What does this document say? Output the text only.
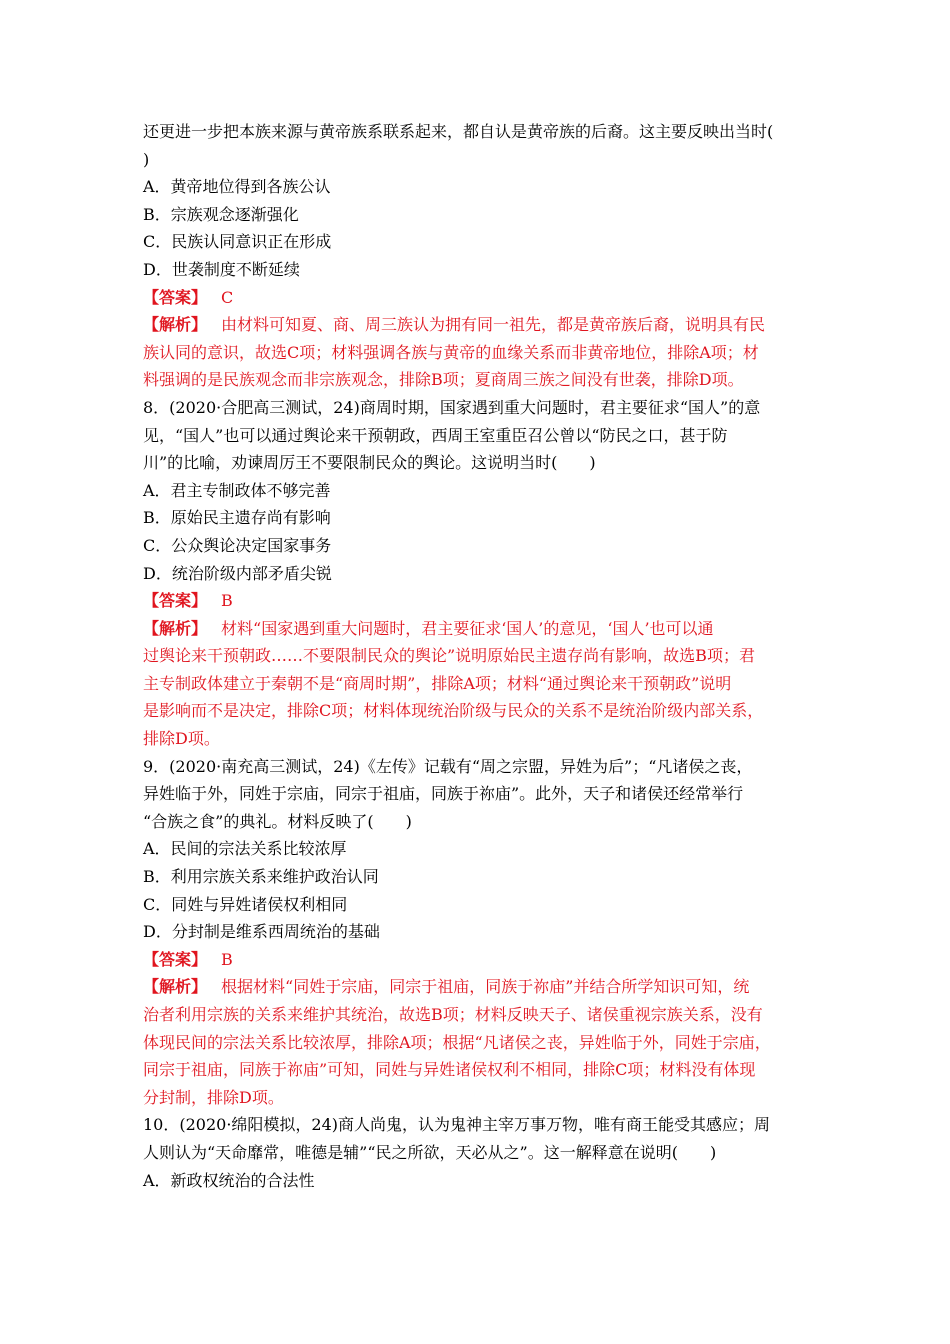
还更进一步把本族来源与黄帝族系联系起来，都自认是黄帝族的后裔。这主要反映出当时(
)
A．黄帝地位得到各族公认
B．宗族观念逐渐强化
C．民族认同意识正在形成
D．世袭制度不断延续
【答案】 C
【解析】 由材料可知夏、商、周三族认为拥有同一祖先，都是黄帝族后裔，说明具有民
族认同的意识，故选C项；材料强调各族与黄帝的血缘关系而非黄帝地位，排除A项；材
料强调的是民族观念而非宗族观念，排除B项；夏商周三族之间没有世袭，排除D项。
8．(2020·合肥高三测试，24)商周时期，国家遇到重大问题时，君主要征求“国人”的意
见，“国人”也可以通过舆论来干预朝政，西周王室重臣召公曾以“防民之口，甚于防
川”的比喻，劝谏周厉王不要限制民众的舆论。这说明当时(　　)
A．君主专制政体不够完善
B．原始民主遗存尚有影响
C．公众舆论决定国家事务
D．统治阶级内部矛盾尖锐
【答案】 B
【解析】 材料“国家遇到重大问题时，君主要征求‘国人’的意见，‘国人’也可以通
过舆论来干预朝政……不要限制民众的舆论”说明原始民主遗存尚有影响，故选B项；君
主专制政体建立于秦朝不是“商周时期”，排除A项；材料“通过舆论来干预朝政”说明
是影响而不是决定，排除C项；材料体现统治阶级与民众的关系不是统治阶级内部关系，
排除D项。
9．(2020·南充高三测试，24)《左传》记载有“周之宗盟，异姓为后”；“凡诸侯之丧，
异姓临于外，同姓于宗庙，同宗于祖庙，同族于祢庙”。此外，天子和诸侯还经常举行
“合族之食”的典礼。材料反映了(　　)
A．民间的宗法关系比较浓厚
B．利用宗族关系来维护政治认同
C．同姓与异姓诸侯权利相同
D．分封制是维系西周统治的基础
【答案】 B
【解析】 根据材料“同姓于宗庙，同宗于祖庙，同族于祢庙”并结合所学知识可知，统
治者利用宗族的关系来维护其统治，故选B项；材料反映天子、诸侯重视宗族关系，没有
体现民间的宗法关系比较浓厚，排除A项；根据“凡诸侯之丧，异姓临于外，同姓于宗庙，
同宗于祖庙，同族于祢庙”可知，同姓与异姓诸侯权利不相同，排除C项；材料没有体现
分封制，排除D项。
10．(2020·绵阳模拟，24)商人尚鬼，认为鬼神主宰万事万物，唯有商王能受其感应；周
人则认为“天命靡常，唯德是辅”“民之所欲，天必从之”。这一解释意在说明(　　)
A．新政权统治的合法性
